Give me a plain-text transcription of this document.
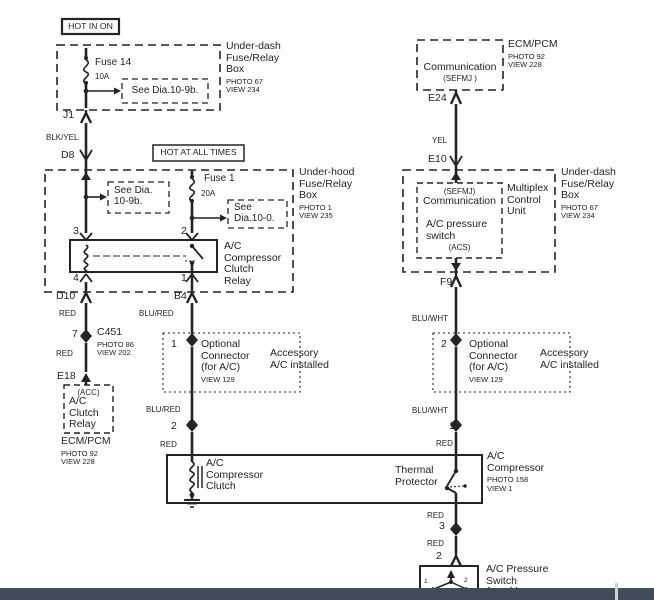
HOT IN ON
HOT AT ALL TIMES
Under-dash
Fuse/Relay
Box
PHOTO 67
VIEW 234
Fuse 14
10A
See Dia.10-9b.
J1
BLK/YEL
D8
Under-hood
Fuse/Relay
Box
PHOTO 1
VIEW 235
See Dia.
10-9b.
Fuse 1
20A
See
Dia.10-0.
3	2
A/C
Compressor
Clutch
Relay
4	1
D10	B4
RED	BLU/RED
7 C451
PHOTO 86
VIEW 202
RED
E18
(ACC)
A/C
Clutch
Relay
ECM/PCM
PHOTO 92
VIEW 228
1 Optional
Connector
(for A/C)
VIEW 129
Accessory
A/C installed
BLU/RED
2
RED
A/C
Compressor
Clutch
Thermal
Protector
A/C
Compressor
PHOTO 158
VIEW 1
Communication
(SEFMJ )
ECM/PCM
PHOTO 92
VIEW 228
E24
YEL
E10
(SEFMJ)
Communication
A/C pressure
switch
(ACS)
Multiplex
Control
Unit
Under-dash
Fuse/Relay
Box
PHOTO 67
VIEW 234
F9
BLU/WHT
2 Optional
Connector
(for A/C)
VIEW 129
Accessory
A/C installed
BLU/WHT
1
RED
RED
3
RED
2
A/C Pressure
Switch
1	2
